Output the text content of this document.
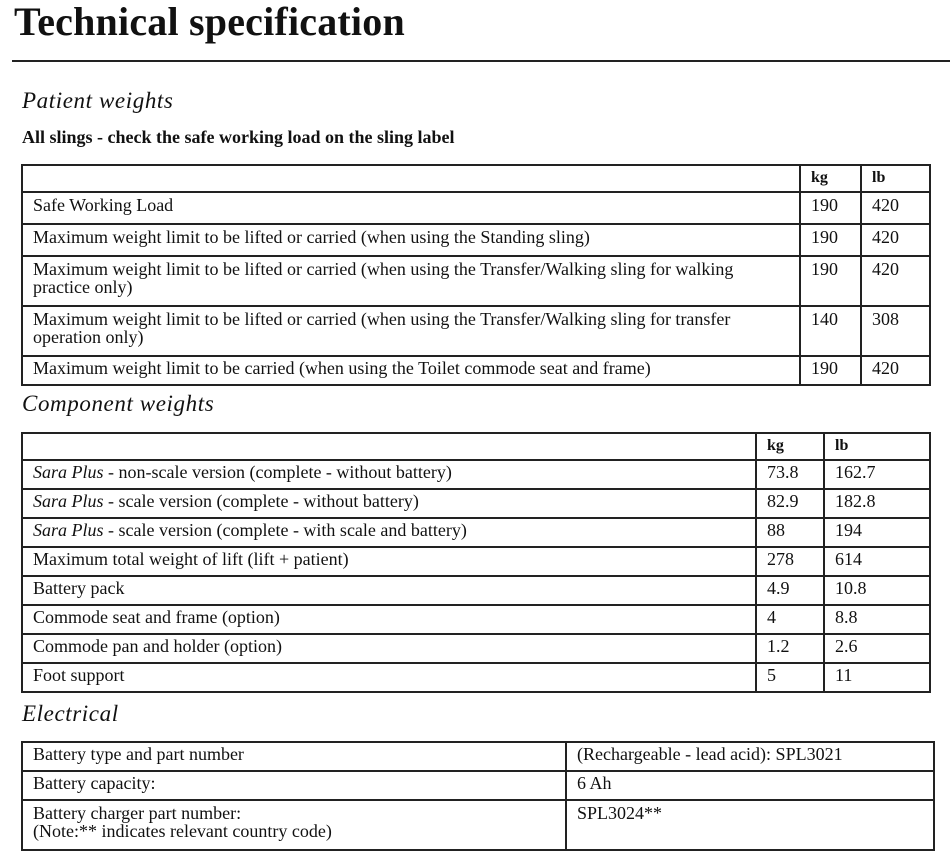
Technical specification
Patient weights
All slings - check the safe working load on the sling label
	kg	lb
Safe Working Load	190	420
Maximum weight limit to be lifted or carried (when using the Standing sling)	190	420
Maximum weight limit to be lifted or carried (when using the Transfer/Walking sling for walking practice only)	190	420
Maximum weight limit to be lifted or carried (when using the Transfer/Walking sling for transfer operation only)	140	308
Maximum weight limit to be carried (when using the Toilet commode seat and frame)	190	420
Component weights
	kg	lb
Sara Plus - non-scale version (complete - without battery)	73.8	162.7
Sara Plus - scale version (complete - without battery)	82.9	182.8
Sara Plus - scale version (complete - with scale and battery)	88	194
Maximum total weight of lift (lift + patient)	278	614
Battery pack	4.9	10.8
Commode seat and frame (option)	4	8.8
Commode pan and holder (option)	1.2	2.6
Foot support	5	11
Electrical
Battery type and part number	(Rechargeable - lead acid): SPL3021
Battery capacity:	6 Ah

Battery charger part number:
(Note:** indicates relevant country code)	SPL3024**
